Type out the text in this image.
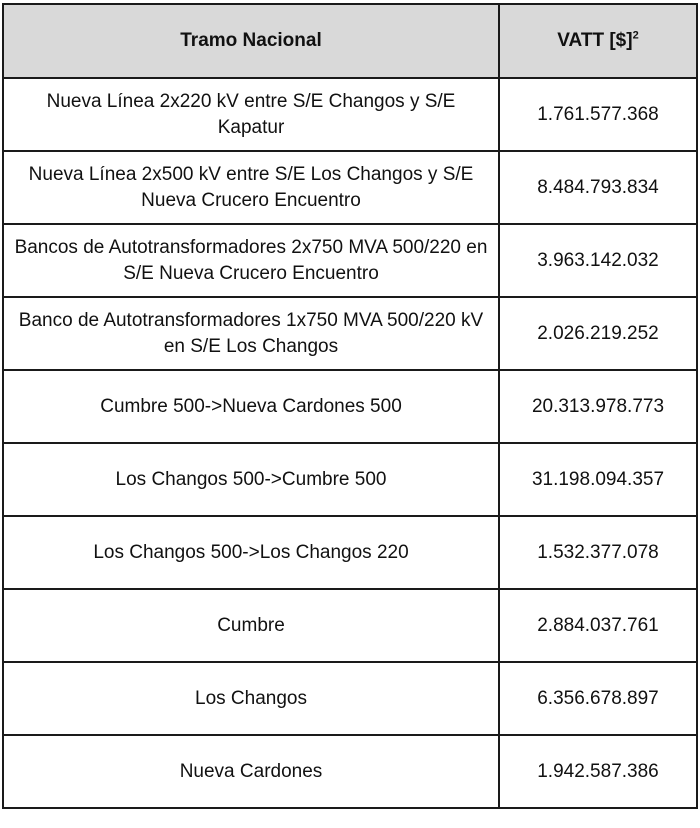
Tramo Nacional	VATT [$]$^2$
Nueva Línea 2x220 kV entre S/E Changos y S/E Kapatur	1.761.577.368
Nueva Línea 2x500 kV entre S/E Los Changos y S/E Nueva Crucero Encuentro	8.484.793.834
Bancos de Autotransformadores 2x750 MVA 500/220 en S/E Nueva Crucero Encuentro	3.963.142.032
Banco de Autotransformadores 1x750 MVA 500/220 kV en S/E Los Changos	2.026.219.252
Cumbre 500->Nueva Cardones 500	20.313.978.773
Los Changos 500->Cumbre 500	31.198.094.357
Los Changos 500->Los Changos 220	1.532.377.078
Cumbre	2.884.037.761
Los Changos	6.356.678.897
Nueva Cardones	1.942.587.386
